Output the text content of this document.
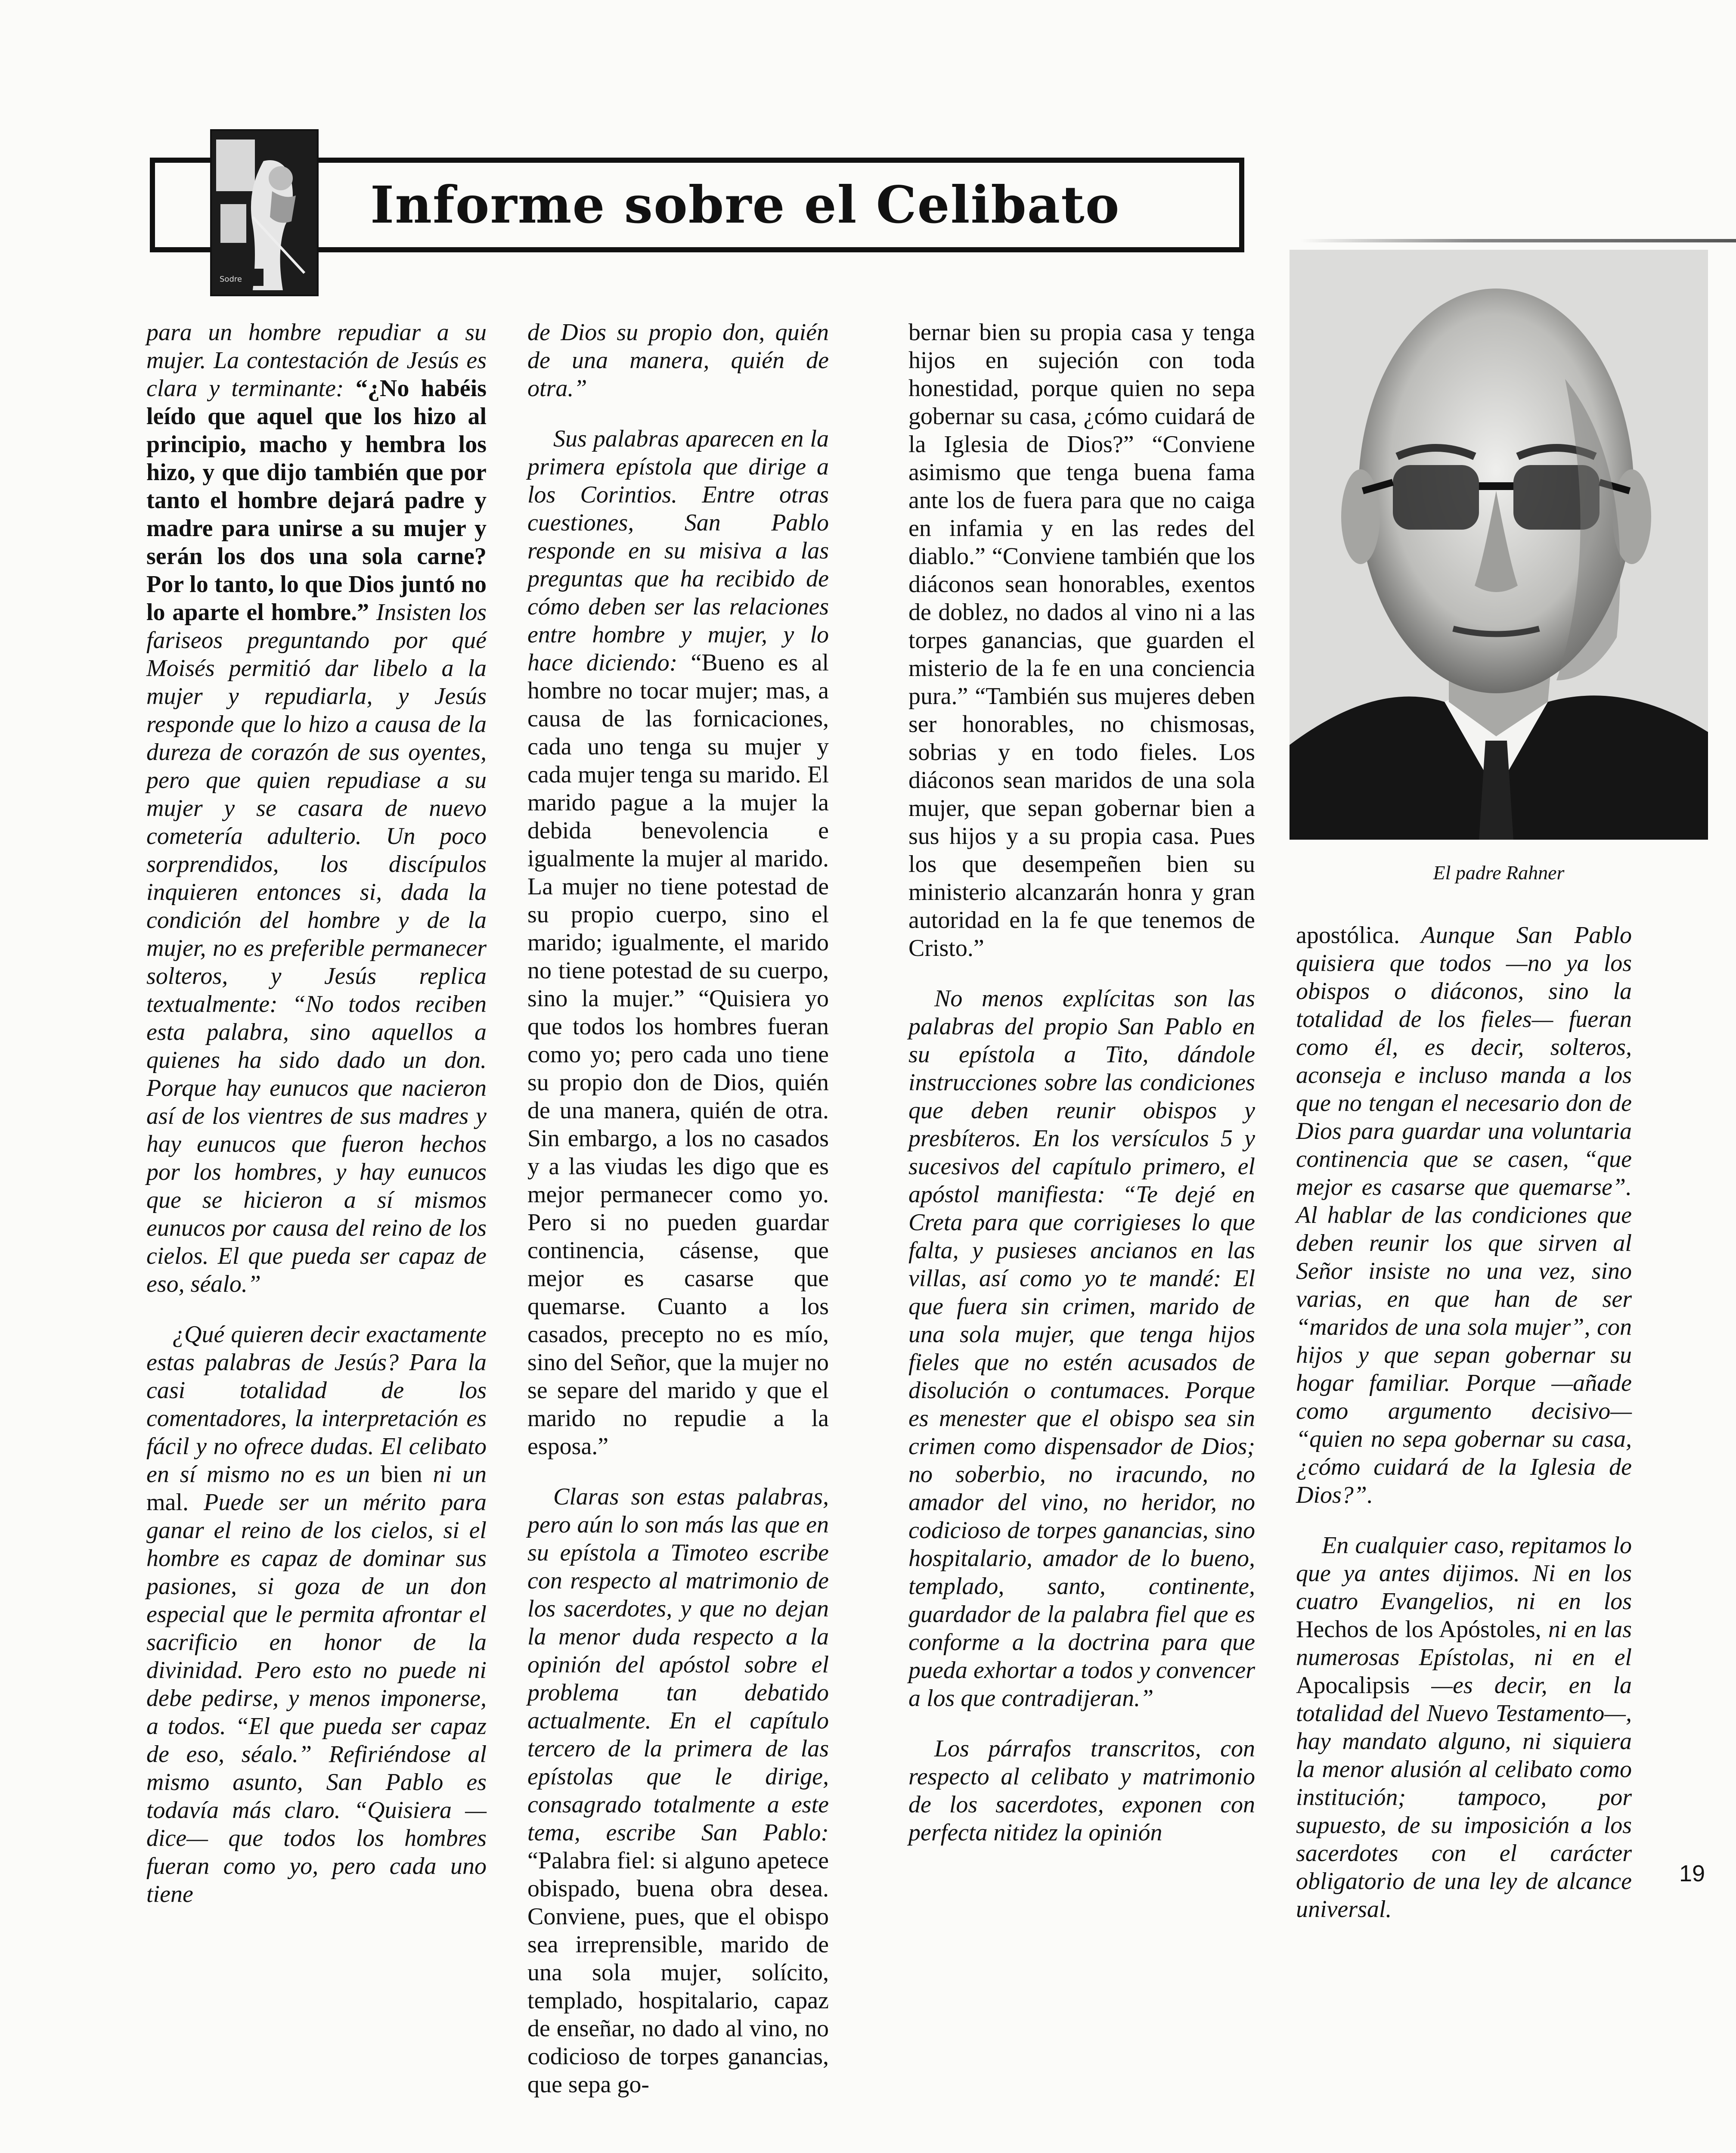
Informe sobre el Celibato
Sodre

para un hombre repudiar a su mujer. La contestación de Jesús es clara y terminante: “¿No habéis leído que aquel que los hizo al principio, macho y hembra los hizo, y que dijo también que por tanto el hombre dejará padre y madre para unirse a su mujer y serán los dos una sola carne? Por lo tanto, lo que Dios juntó no lo aparte el hombre.” Insisten los fariseos preguntando por qué Moisés permitió dar libelo a la mujer y repudiarla, y Jesús responde que lo hizo a causa de la dureza de corazón de sus oyentes, pero que quien repudiase a su mujer y se casara de nuevo cometería adulterio. Un poco sorprendidos, los discípulos inquieren entonces si, dada la condición del hombre y de la mujer, no es preferible permanecer solteros, y Jesús replica textualmente: “No todos reciben esta palabra, sino aquellos a quienes ha sido dado un don. Porque hay eunucos que nacieron así de los vientres de sus madres y hay eunucos que fueron hechos por los hombres, y hay eunucos que se hicieron a sí mismos eunucos por causa del reino de los cielos. El que pueda ser capaz de eso, séalo.”

¿Qué quieren decir exactamente estas palabras de Jesús? Para la casi totalidad de los comentadores, la interpretación es fácil y no ofrece dudas. El celibato en sí mismo no es un bien ni un mal. Puede ser un mérito para ganar el reino de los cielos, si el hombre es capaz de dominar sus pasiones, si goza de un don especial que le permita afrontar el sacrificio en honor de la divinidad. Pero esto no puede ni debe pedirse, y menos imponerse, a todos. “El que pueda ser capaz de eso, séalo.” Refiriéndose al mismo asunto, San Pablo es todavía más claro. “Quisiera —dice— que todos los hombres fueran como yo, pero cada uno tiene

de Dios su propio don, quién de una manera, quién de otra.”

Sus palabras aparecen en la primera epístola que dirige a los Corintios. Entre otras cuestiones, San Pablo responde en su misiva a las preguntas que ha recibido de cómo deben ser las relaciones entre hombre y mujer, y lo hace diciendo: “Bueno es al hombre no tocar mujer; mas, a causa de las fornicaciones, cada uno tenga su mujer y cada mujer tenga su marido. El marido pague a la mujer la debida benevolencia e igualmente la mujer al marido. La mujer no tiene potestad de su propio cuerpo, sino el marido; igualmente, el marido no tiene potestad de su cuerpo, sino la mujer.” “Quisiera yo que todos los hombres fueran como yo; pero cada uno tiene su propio don de Dios, quién de una manera, quién de otra. Sin embargo, a los no casados y a las viudas les digo que es mejor permanecer como yo. Pero si no pueden guardar continencia, cásense, que mejor es casarse que quemarse. Cuanto a los casados, precepto no es mío, sino del Señor, que la mujer no se separe del marido y que el marido no repudie a la esposa.”

Claras son estas palabras, pero aún lo son más las que en su epístola a Timoteo escribe con respecto al matrimonio de los sacerdotes, y que no dejan la menor duda respecto a la opinión del apóstol sobre el problema tan debatido actualmente. En el capítulo tercero de la primera de las epístolas que le dirige, consagrado totalmente a este tema, escribe San Pablo: “Palabra fiel: si alguno apetece obispado, buena obra desea. Conviene, pues, que el obispo sea irreprensible, marido de una sola mujer, solícito, templado, hospitalario, capaz de enseñar, no dado al vino, no codicioso de torpes ganancias, que sepa go-

bernar bien su propia casa y tenga hijos en sujeción con toda honestidad, porque quien no sepa gobernar su casa, ¿cómo cuidará de la Iglesia de Dios?” “Conviene asimismo que tenga buena fama ante los de fuera para que no caiga en infamia y en las redes del diablo.” “Conviene también que los diáconos sean honorables, exentos de doblez, no dados al vino ni a las torpes ganancias, que guarden el misterio de la fe en una conciencia pura.” “También sus mujeres deben ser honorables, no chismosas, sobrias y en todo fieles. Los diáconos sean maridos de una sola mujer, que sepan gobernar bien a sus hijos y a su propia casa. Pues los que desempeñen bien su ministerio alcanzarán honra y gran autoridad en la fe que tenemos de Cristo.”

No menos explícitas son las palabras del propio San Pablo en su epístola a Tito, dándole instrucciones sobre las condiciones que deben reunir obispos y presbíteros. En los versículos 5 y sucesivos del capítulo primero, el apóstol manifiesta: “Te dejé en Creta para que corrigieses lo que falta, y pusieses ancianos en las villas, así como yo te mandé: El que fuera sin crimen, marido de una sola mujer, que tenga hijos fieles que no estén acusados de disolución o contumaces. Porque es menester que el obispo sea sin crimen como dispensador de Dios; no soberbio, no iracundo, no amador del vino, no heridor, no codicioso de torpes ganancias, sino hospitalario, amador de lo bueno, templado, santo, continente, guardador de la palabra fiel que es conforme a la doctrina para que pueda exhortar a todos y convencer a los que contradijeran.”

Los párrafos transcritos, con respecto al celibato y matrimonio de los sacerdotes, exponen con perfecta nitidez la opinión

El padre Rahner

apostólica. Aunque San Pablo quisiera que todos —no ya los obispos o diáconos, sino la totalidad de los fieles— fueran como él, es decir, solteros, aconseja e incluso manda a los que no tengan el necesario don de Dios para guardar una voluntaria continencia que se casen, “que mejor es casarse que quemarse”. Al hablar de las condiciones que deben reunir los que sirven al Señor insiste no una vez, sino varias, en que han de ser “maridos de una sola mujer”, con hijos y que sepan gobernar su hogar familiar. Porque —añade como argumento decisivo— “quien no sepa gobernar su casa, ¿cómo cuidará de la Iglesia de Dios?”.

En cualquier caso, repitamos lo que ya antes dijimos. Ni en los cuatro Evangelios, ni en los Hechos de los Apóstoles, ni en las numerosas Epístolas, ni en el Apocalipsis —es decir, en la totalidad del Nuevo Testamento—, hay mandato alguno, ni siquiera la menor alusión al celibato como institución; tampoco, por supuesto, de su imposición a los sacerdotes con el carácter obligatorio de una ley de alcance universal.

19
